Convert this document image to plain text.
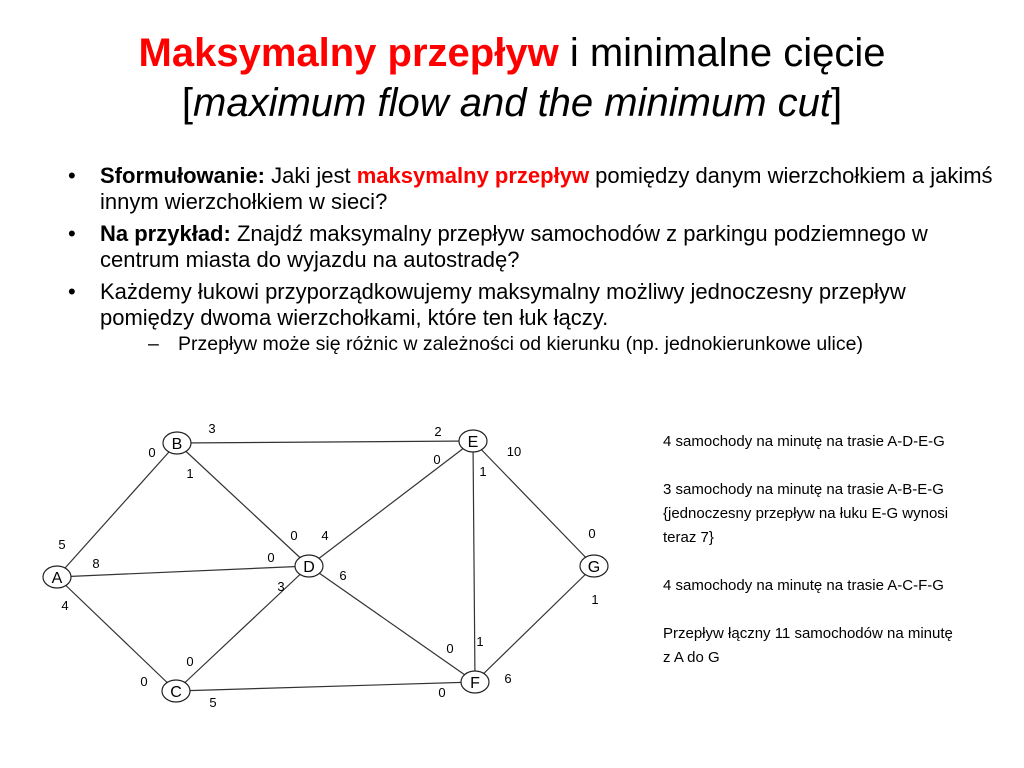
Maksymalny przepływ i minimalne cięcie
[maximum flow and the minimum cut]
• Sformułowanie: Jaki jest maksymalny przepływ pomiędzy danym wierzchołkiem a jakimś innym wierzchołkiem w sieci?
• Na przykład: Znajdź maksymalny przepływ samochodów z parkingu podziemnego w centrum miasta do wyjazdu na autostradę?
• Każdemy łukowi przyporządkowujemy maksymalny możliwy jednoczesny przepływ pomiędzy dwoma wierzchołkami, które ten łuk łączy.
– Przepływ może się różnic w zależności od kierunku (np. jednokierunkowe ulice)
A
B
C
D
E
F
G
3
0
1
2
0
1
10
0
1
5
8	0
0 4
3
6
4
0
0
5
0 1
0
6

4 samochody na minutę na trasie A-D-E-G

3 samochody na minutę na trasie A-B-E-G
{jednoczesny przepływ na łuku E-G wynosi teraz 7}

4 samochody na minutę na trasie A-C-F-G

Przepływ łączny 11 samochodów na minutę z A do G
